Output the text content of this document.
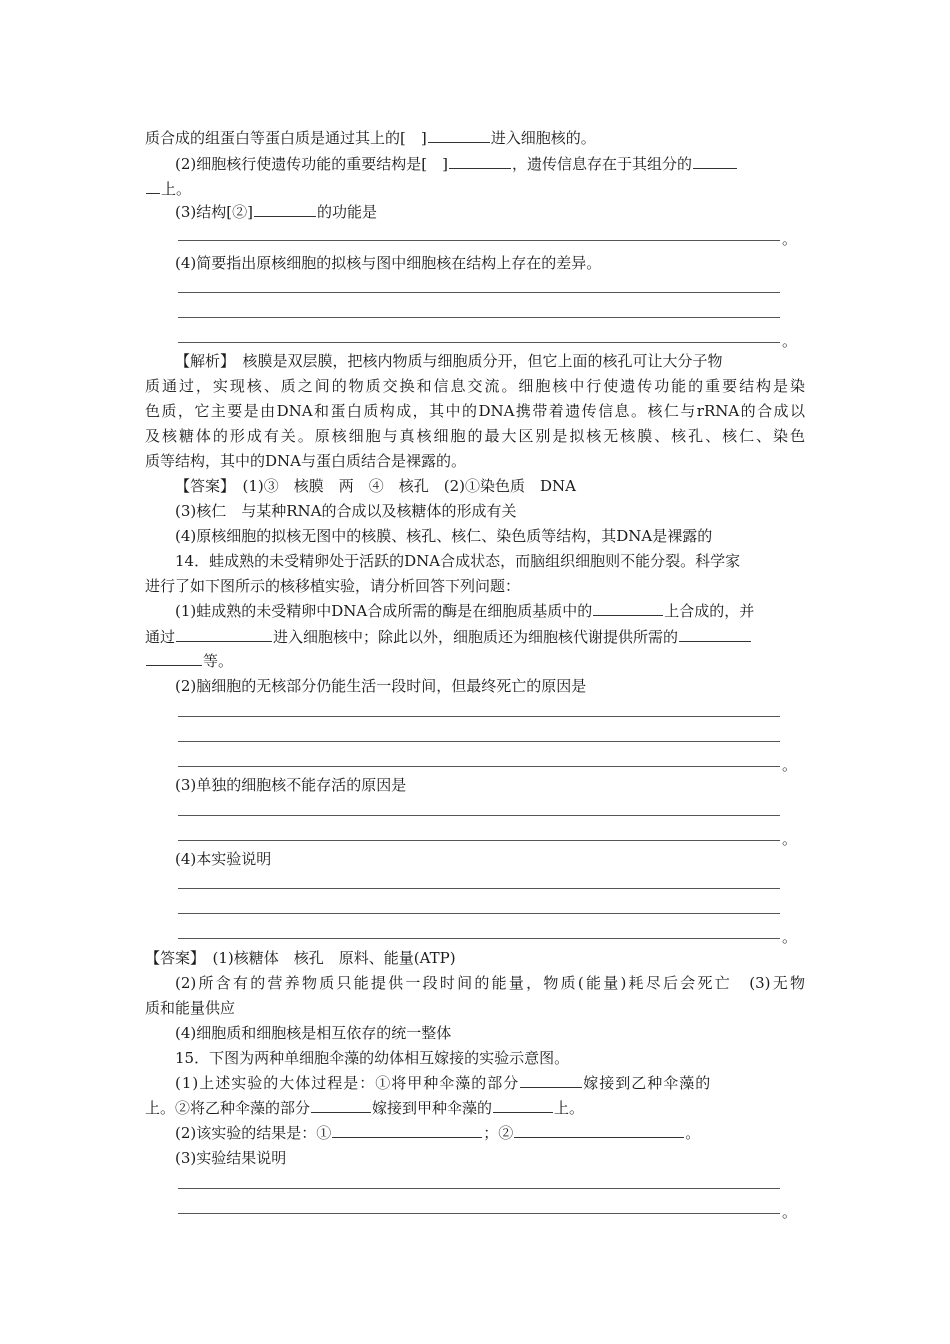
质合成的组蛋白等蛋白质是通过其上的[　]	进入细胞核的。
(2)细胞核行使遗传功能的重要结构是[　]	，遗传信息存在于其组分的
上。
(3)结构[②]	的功能是
。
(4)简要指出原核细胞的拟核与图中细胞核在结构上存在的差异。
。
【解析】　 核膜是双层膜，把核内物质与细胞质分开，但它上面的核孔可让大分子物
质通过，实现核、质之间的物质交换和信息交流。细胞核中行使遗传功能的重要结构是染
色质，它主要是由DNA和蛋白质构成，其中的DNA携带着遗传信息。核仁与rRNA的合成以
及核糖体的形成有关。原核细胞与真核细胞的最大区别是拟核无核膜、核孔、核仁、染色
质等结构，其中的DNA与蛋白质结合是裸露的。
【答案】　 (1)③　核膜　两　④　核孔　(2)①染色质　DNA
(3)核仁　与某种RNA的合成以及核糖体的形成有关
(4)原核细胞的拟核无图中的核膜、核孔、核仁、染色质等结构，其DNA是裸露的
14．蛙成熟的未受精卵处于活跃的DNA合成状态，而脑组织细胞则不能分裂。科学家
进行了如下图所示的核移植实验，请分析回答下列问题：
(1)蛙成熟的未受精卵中DNA合成所需的酶是在细胞质基质中的	上合成的，并
通过	进入细胞核中；除此以外，细胞质还为细胞核代谢提供所需的
等。
(2)脑细胞的无核部分仍能生活一段时间，但最终死亡的原因是
。
(3)单独的细胞核不能存活的原因是
。
(4)本实验说明
。
【答案】　 (1)核糖体　核孔　原料、能量(ATP)
(2)所含有的营养物质只能提供一段时间的能量，物质(能量)耗尽后会死亡　(3)无物
质和能量供应
(4)细胞质和细胞核是相互依存的统一整体
15．下图为两种单细胞伞藻的幼体相互嫁接的实验示意图。
(1)上述实验的大体过程是：①将甲种伞藻的部分	嫁接到乙种伞藻的
上。②将乙种伞藻的部分	嫁接到甲种伞藻的	上。
(2)该实验的结果是：①	；②	。
(3)实验结果说明
。
